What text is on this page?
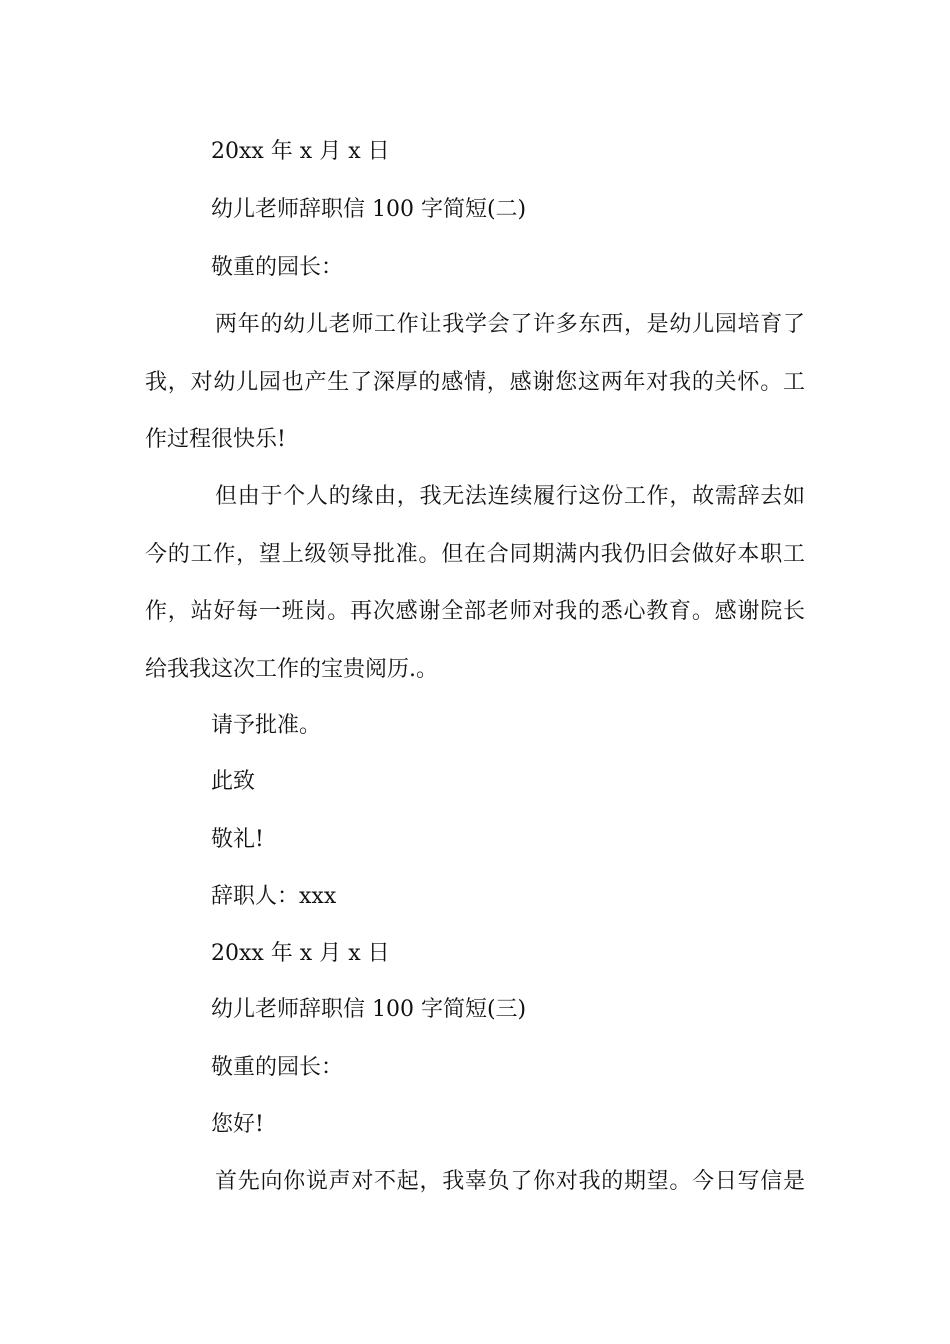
20xx 年 x 月 x 日
幼儿老师辞职信 100 字简短(二)
敬重的园长：
两年的幼儿老师工作让我学会了许多东西，是幼儿园培育了
我，对幼儿园也产生了深厚的感情，感谢您这两年对我的关怀。工
作过程很快乐!
但由于个人的缘由，我无法连续履行这份工作，故需辞去如
今的工作，望上级领导批准。但在合同期满内我仍旧会做好本职工
作，站好每一班岗。再次感谢全部老师对我的悉心教育。感谢院长
给我我这次工作的宝贵阅历.。
请予批准。
此致
敬礼!
辞职人：xxx
20xx 年 x 月 x 日
幼儿老师辞职信 100 字简短(三)
敬重的园长：
您好!
首先向你说声对不起，我辜负了你对我的期望。今日写信是
